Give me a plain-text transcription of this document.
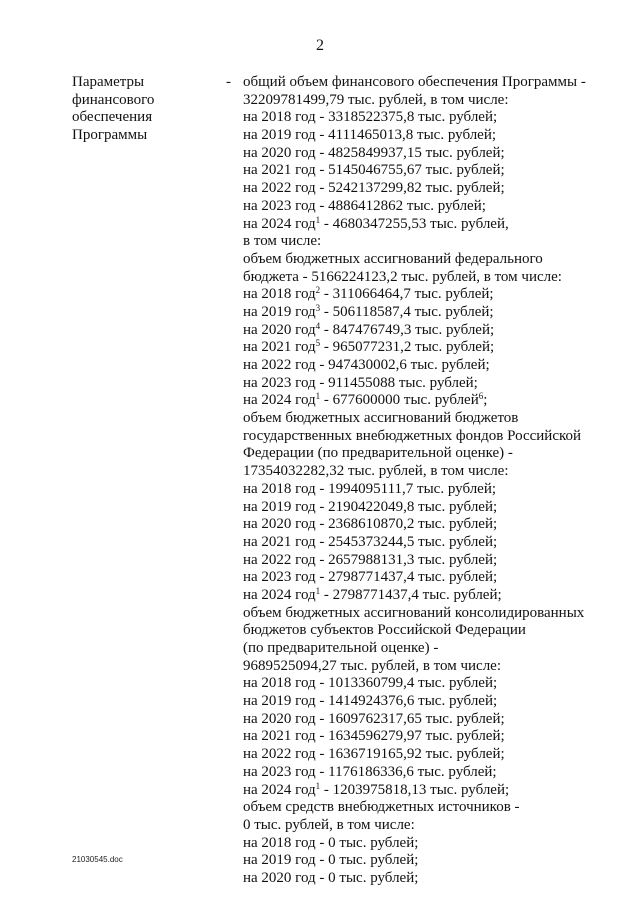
2
Параметры
финансового
обеспечения
Программы
- общий объем финансового обеспечения Программы -
32209781499,79 тыс. рублей, в том числе:
на 2018 год - 3318522375,8 тыс. рублей;
на 2019 год - 4111465013,8 тыс. рублей;
на 2020 год - 4825849937,15 тыс. рублей;
на 2021 год - 5145046755,67 тыс. рублей;
на 2022 год - 5242137299,82 тыс. рублей;
на 2023 год - 4886412862 тыс. рублей;
на 2024 год$^1$ - 4680347255,53 тыс. рублей,
в том числе:
объем бюджетных ассигнований федерального
бюджета - 5166224123,2 тыс. рублей, в том числе:
на 2018 год$^2$ - 311066464,7 тыс. рублей;
на 2019 год$^3$ - 506118587,4 тыс. рублей;
на 2020 год$^4$ - 847476749,3 тыс. рублей;
на 2021 год$^5$ - 965077231,2 тыс. рублей;
на 2022 год - 947430002,6 тыс. рублей;
на 2023 год - 911455088 тыс. рублей;
на 2024 год$^1$ - 677600000 тыс. рублей$^6$;
объем бюджетных ассигнований бюджетов
государственных внебюджетных фондов Российской
Федерации (по предварительной оценке) -
17354032282,32 тыс. рублей, в том числе:
на 2018 год - 1994095111,7 тыс. рублей;
на 2019 год - 2190422049,8 тыс. рублей;
на 2020 год - 2368610870,2 тыс. рублей;
на 2021 год - 2545373244,5 тыс. рублей;
на 2022 год - 2657988131,3 тыс. рублей;
на 2023 год - 2798771437,4 тыс. рублей;
на 2024 год$^1$ - 2798771437,4 тыс. рублей;
объем бюджетных ассигнований консолидированных
бюджетов субъектов Российской Федерации
(по предварительной оценке) -
9689525094,27 тыс. рублей, в том числе:
на 2018 год - 1013360799,4 тыс. рублей;
на 2019 год - 1414924376,6 тыс. рублей;
на 2020 год - 1609762317,65 тыс. рублей;
на 2021 год - 1634596279,97 тыс. рублей;
на 2022 год - 1636719165,92 тыс. рублей;
на 2023 год - 1176186336,6 тыс. рублей;
на 2024 год$^1$ - 1203975818,13 тыс. рублей;
объем средств внебюджетных источников -
0 тыс. рублей, в том числе:
на 2018 год - 0 тыс. рублей;
на 2019 год - 0 тыс. рублей;
на 2020 год - 0 тыс. рублей;
21030545.doc
